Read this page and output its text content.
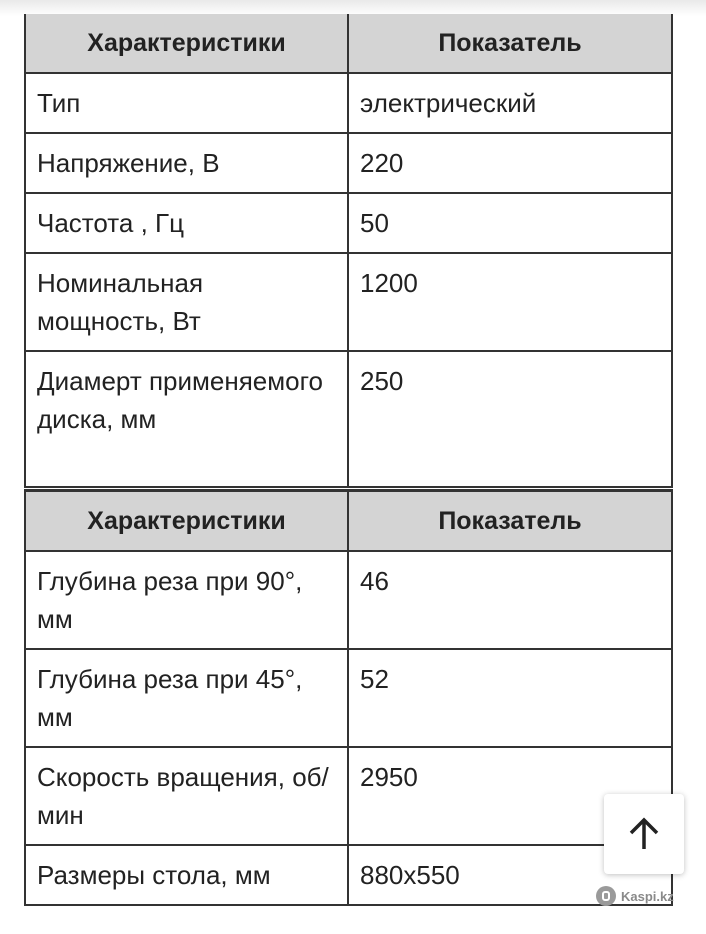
Характеристики	Показатель
Тип	электрический
Напряжение, В	220
Частота , Гц	50
Номинальная мощность, Вт	1200
Диамерт применяемого диска, мм	250
Характеристики	Показатель
Глубина реза при 90°, мм	46
Глубина реза при 45°, мм	52
Скорость вращения, об/мин	2950
Размеры стола, мм	880x550
Kaspi.kz
